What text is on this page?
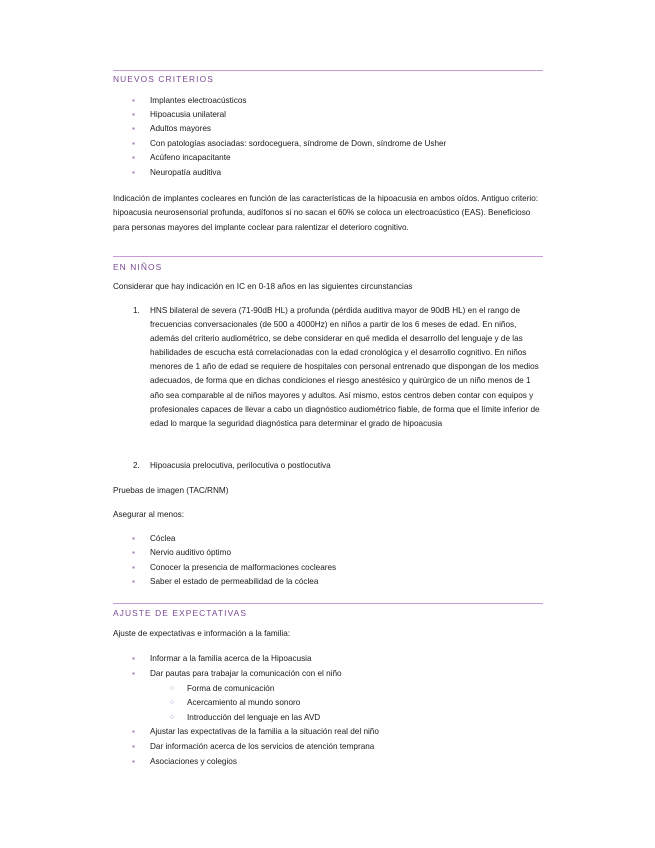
NUEVOS CRITERIOS
▪ Implantes electroacústicos
▪ Hipoacusia unilateral
▪ Adultos mayores
▪ Con patologías asociadas: sordoceguera, síndrome de Down, síndrome de Usher
▪ Acúfeno incapacitante
▪ Neuropatía auditiva
Indicación de implantes cocleares en función de las características de la hipoacusia en ambos oídos. Antiguo criterio: hipoacusia neurosensorial profunda, audífonos si no sacan el 60% se coloca un electroacústico (EAS). Beneficioso para personas mayores del implante coclear para ralentizar el deterioro cognitivo.
EN NIÑOS
Considerar que hay indicación en IC en 0-18 años en las siguientes circunstancias
1. HNS bilateral de severa (71-90dB HL) a profunda (pérdida auditiva mayor de 90dB HL) en el rango de frecuencias conversacionales (de 500 a 4000Hz) en niños a partir de los 6 meses de edad. En niños, además del criterio audiométrico, se debe considerar en qué medida el desarrollo del lenguaje y de las habilidades de escucha está correlacionadas con la edad cronológica y el desarrollo cognitivo. En niños menores de 1 año de edad se requiere de hospitales con personal entrenado que dispongan de los medios adecuados, de forma que en dichas condiciones el riesgo anestésico y quirúrgico de un niño menos de 1 año sea comparable al de niños mayores y adultos. Así mismo, estos centros deben contar con equipos y profesionales capaces de llevar a cabo un diagnóstico audiométrico fiable, de forma que el límite inferior de edad lo marque la seguridad diagnóstica para determinar el grado de hipoacusia
2. Hipoacusia prelocutiva, perilocutiva o postlocutiva
Pruebas de imagen (TAC/RNM)
Asegurar al menos:
▪ Cóclea
▪ Nervio auditivo óptimo
▪ Conocer la presencia de malformaciones cocleares
▪ Saber el estado de permeabilidad de la cóclea
AJUSTE DE EXPECTATIVAS
Ajuste de expectativas e información a la familia:
▪ Informar a la familia acerca de la Hipoacusia
▪ Dar pautas para trabajar la comunicación con el niño
○ Forma de comunicación
○ Acercamiento al mundo sonoro
○ Introducción del lenguaje en las AVD
▪ Ajustar las expectativas de la familia a la situación real del niño
▪ Dar información acerca de los servicios de atención temprana
▪ Asociaciones y colegios
